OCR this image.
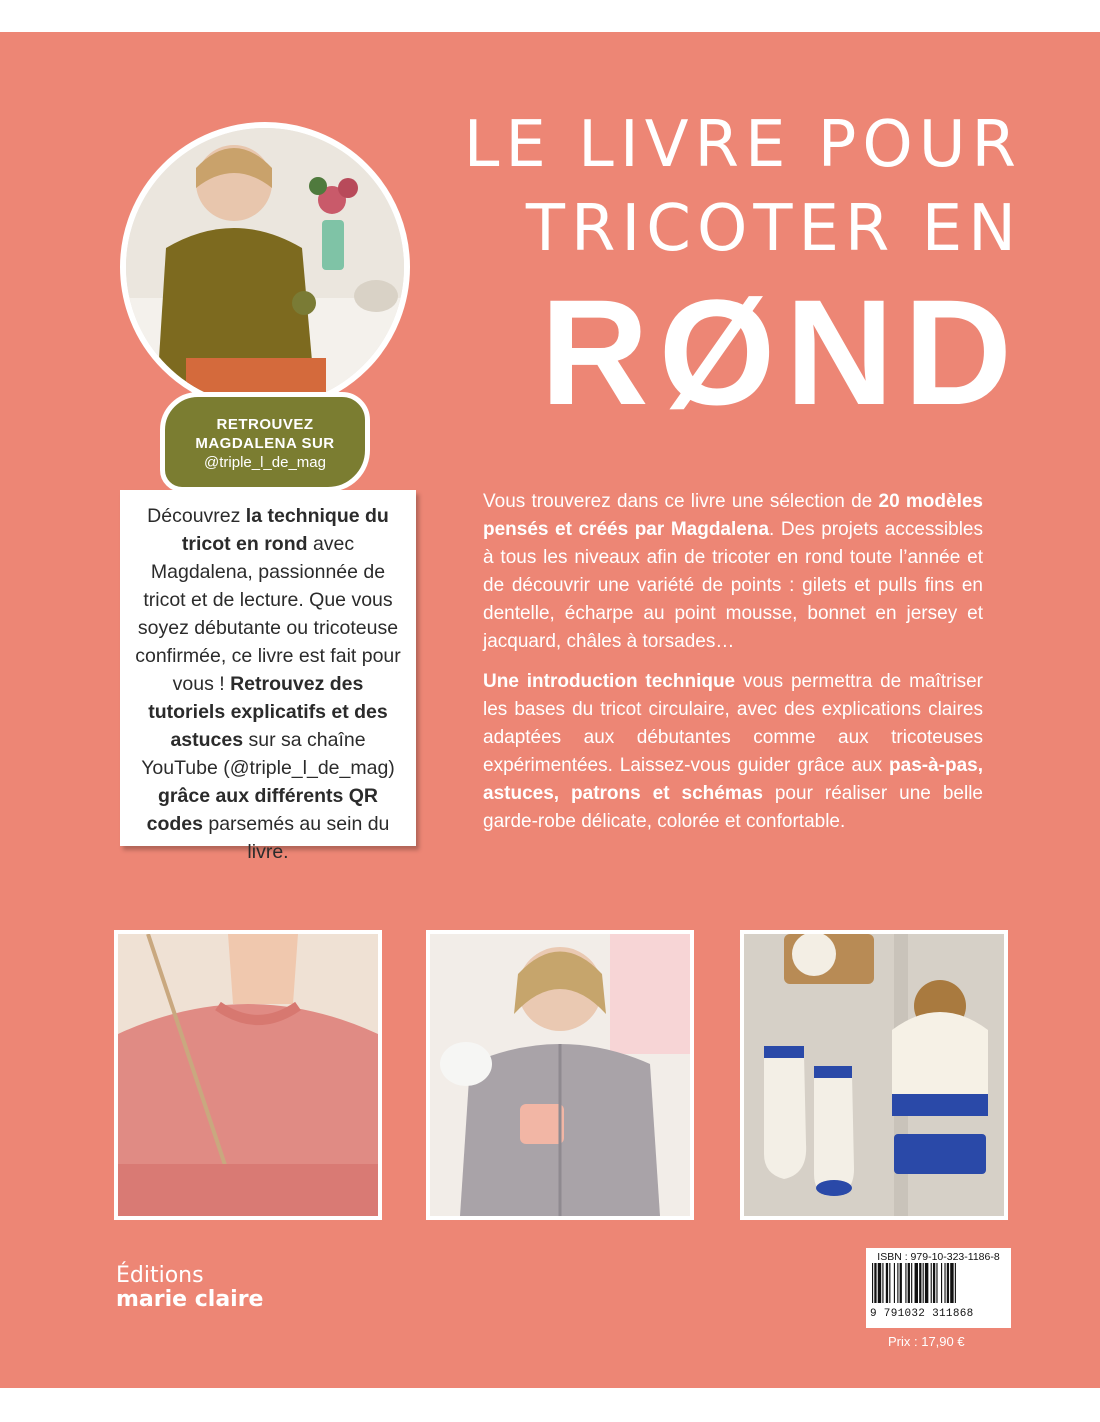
LE LIVRE POUR
TRICOTER EN
RØND
RETROUVEZ
MAGDALENA SUR
@triple_l_de_mag
Découvrez la technique du tricot en rond avec Magdalena, passionnée de tricot et de lecture. Que vous soyez débutante ou tricoteuse confirmée, ce livre est fait pour vous ! Retrouvez des tutoriels explicatifs et des astuces sur sa chaîne YouTube (@triple_l_de_mag) grâce aux différents QR codes parsemés au sein du livre.

Vous trouverez dans ce livre une sélection de 20 modèles pensés et créés par Magdalena. Des projets accessibles à tous les niveaux afin de tricoter en rond toute l’année et de découvrir une variété de points : gilets et pulls fins en dentelle, écharpe au point mousse, bonnet en jersey et jacquard, châles à torsades…

Une introduction technique vous permettra de maîtriser les bases du tricot circulaire, avec des explications claires adaptées aux débutantes comme aux tricoteuses expérimentées. Laissez-vous guider grâce aux pas-à-pas, astuces, patrons et schémas pour réaliser une belle garde-robe délicate, colorée et confortable.

Éditions
marie claire
ISBN : 979-10-323-1186-8
9 791032 311868
Prix : 17,90 €
